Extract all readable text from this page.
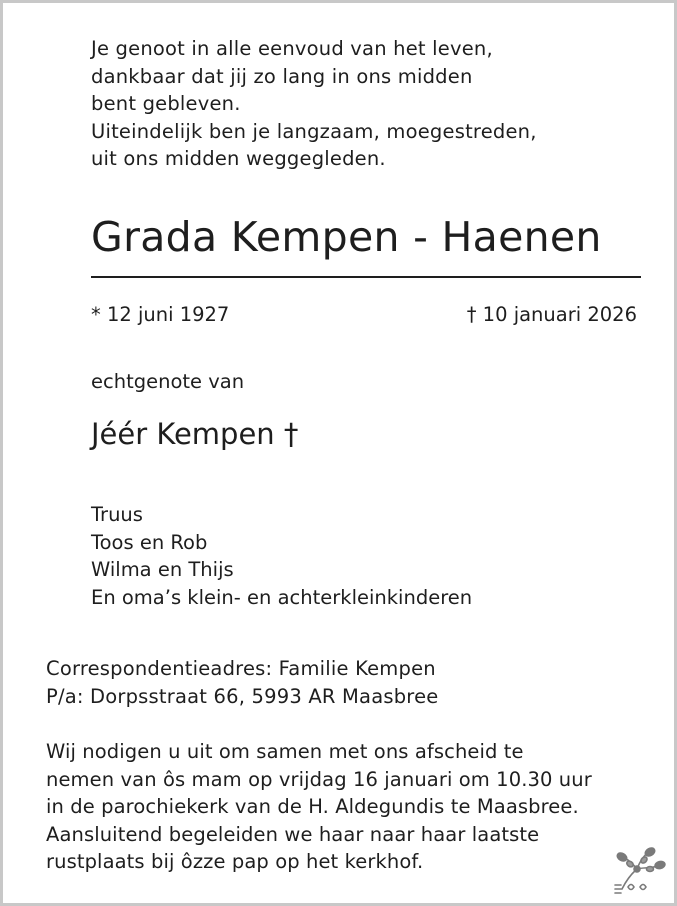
Je genoot in alle eenvoud van het leven,
dankbaar dat jij zo lang in ons midden
bent gebleven.
Uiteindelijk ben je langzaam, moegestreden,
uit ons midden weggegleden.
Grada Kempen - Haenen
* 12 juni 1927	† 10 januari 2026
echtgenote van
Jéér Kempen †
Truus
Toos en Rob
Wilma en Thijs
En oma’s klein- en achterkleinkinderen
Correspondentieadres: Familie Kempen
P/a: Dorpsstraat 66, 5993 AR Maasbree
Wij nodigen u uit om samen met ons afscheid te
nemen van ôs mam op vrijdag 16 januari om 10.30 uur
in de parochiekerk van de H. Aldegundis te Maasbree.
Aansluitend begeleiden we haar naar haar laatste
rustplaats bij ôzze pap op het kerkhof.
